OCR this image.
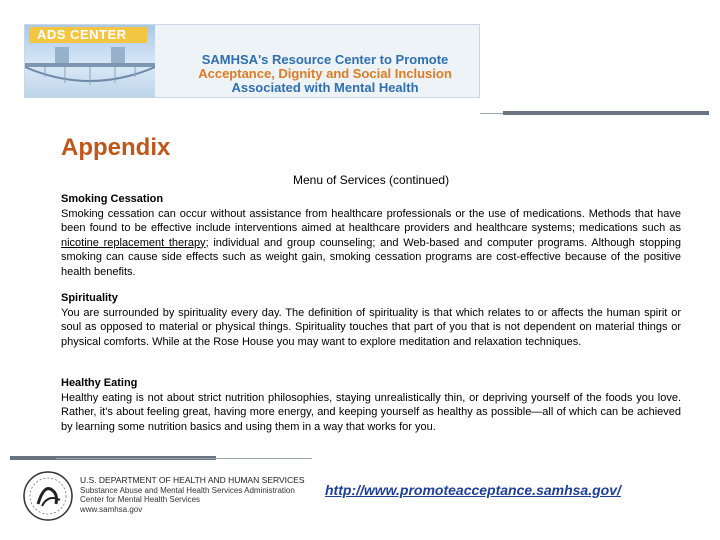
ADS CENTER
SAMHSA's Resource Center to Promote
Acceptance, Dignity and Social Inclusion
Associated with Mental Health
Appendix
Menu of Services (continued)
Smoking Cessation
Smoking cessation can occur without assistance from healthcare professionals or the use of medications. Methods that have been found to be effective include interventions aimed at healthcare providers and healthcare systems; medications such as nicotine replacement therapy; individual and group counseling; and Web-based and computer programs. Although stopping smoking can cause side effects such as weight gain, smoking cessation programs are cost-effective because of the positive health benefits.
Spirituality
You are surrounded by spirituality every day. The definition of spirituality is that which relates to or affects the human spirit or soul as opposed to material or physical things. Spirituality touches that part of you that is not dependent on material things or physical comforts. While at the Rose House you may want to explore meditation and relaxation techniques.
Healthy Eating
Healthy eating is not about strict nutrition philosophies, staying unrealistically thin, or depriving yourself of the foods you love. Rather, it's about feeling great, having more energy, and keeping yourself as healthy as possible—all of which can be achieved by learning some nutrition basics and using them in a way that works for you.
U.S. DEPARTMENT OF HEALTH AND HUMAN SERVICES
Substance Abuse and Mental Health Services Administration
Center for Mental Health Services
www.samhsa.gov
http://www.promoteacceptance.samhsa.gov/
